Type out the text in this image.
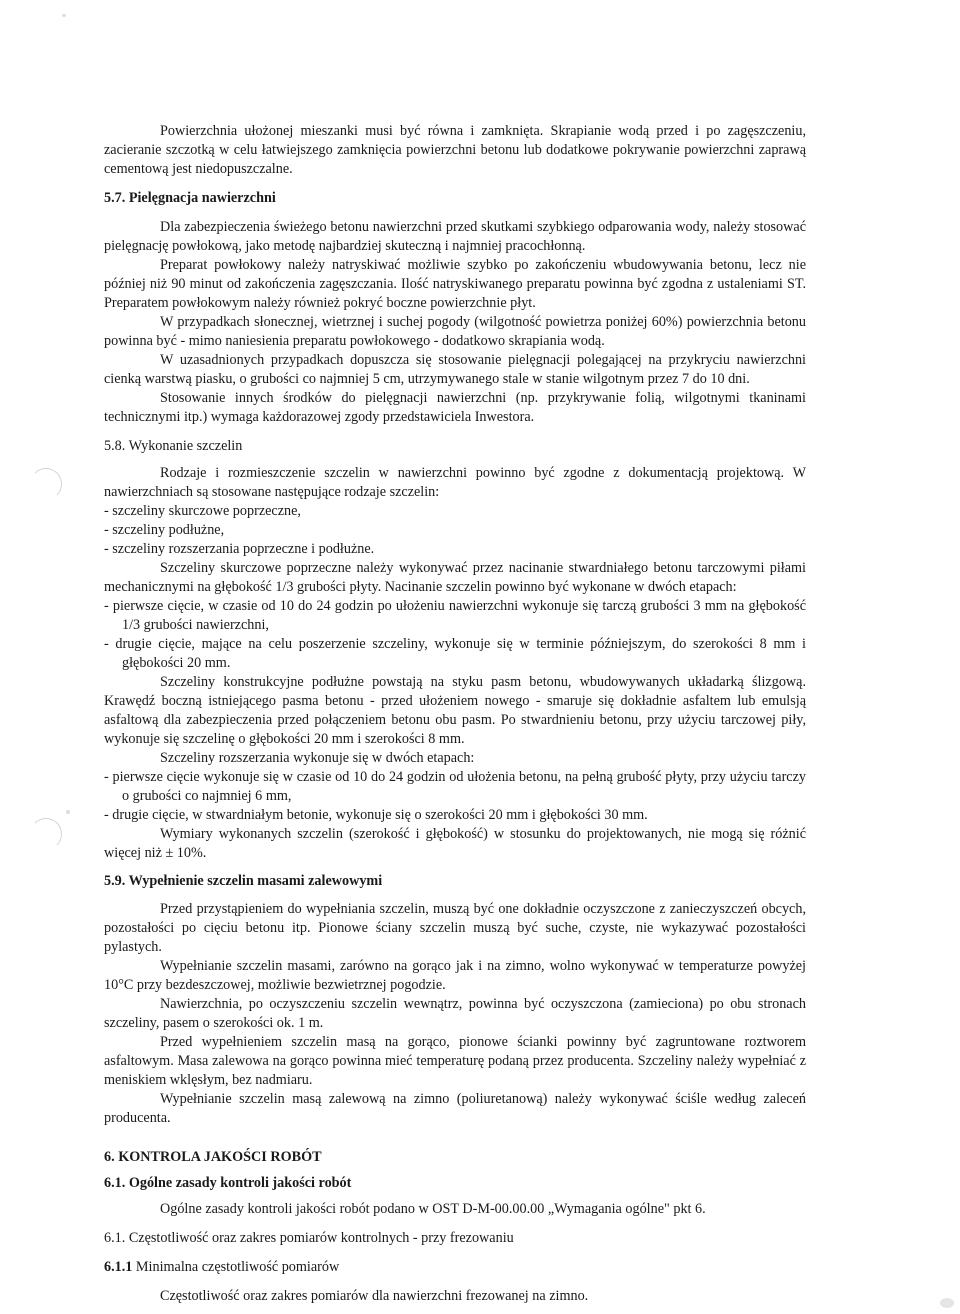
Powierzchnia ułożonej mieszanki musi być równa i zamknięta. Skrapianie wodą przed i po zagęszczeniu, zacieranie szczotką w celu łatwiejszego zamknięcia powierzchni betonu lub dodatkowe pokrywanie powierzchni zaprawą cementową jest niedopuszczalne.

5.7. Pielęgnacja nawierzchni

Dla zabezpieczenia świeżego betonu nawierzchni przed skutkami szybkiego odparowania wody, należy stosować pielęgnację powłokową, jako metodę najbardziej skuteczną i najmniej pracochłonną.

Preparat powłokowy należy natryskiwać możliwie szybko po zakończeniu wbudowywania betonu, lecz nie później niż 90 minut od zakończenia zagęszczania. Ilość natryskiwanego preparatu powinna być zgodna z ustaleniami ST. Preparatem powłokowym należy również pokryć boczne powierzchnie płyt.

W przypadkach słonecznej, wietrznej i suchej pogody (wilgotność powietrza poniżej 60%) powierzchnia betonu powinna być - mimo naniesienia preparatu powłokowego - dodatkowo skrapiania wodą.

W uzasadnionych przypadkach dopuszcza się stosowanie pielęgnacji polegającej na przykryciu nawierzchni cienką warstwą piasku, o grubości co najmniej 5 cm, utrzymywanego stale w stanie wilgotnym przez 7 do 10 dni.

Stosowanie innych środków do pielęgnacji nawierzchni (np. przykrywanie folią, wilgotnymi tkaninami technicznymi itp.) wymaga każdorazowej zgody przedstawiciela Inwestora.

5.8. Wykonanie szczelin

Rodzaje i rozmieszczenie szczelin w nawierzchni powinno być zgodne z dokumentacją projektową. W nawierzchniach są stosowane następujące rodzaje szczelin:

- szczeliny skurczowe poprzeczne,

- szczeliny podłużne,

- szczeliny rozszerzania poprzeczne i podłużne.

Szczeliny skurczowe poprzeczne należy wykonywać przez nacinanie stwardniałego betonu tarczowymi piłami mechanicznymi na głębokość 1/3 grubości płyty. Nacinanie szczelin powinno być wykonane w dwóch etapach:

- pierwsze cięcie, w czasie od 10 do 24 godzin po ułożeniu nawierzchni wykonuje się tarczą grubości 3 mm na głębokość 1/3 grubości nawierzchni,

- drugie cięcie, mające na celu poszerzenie szczeliny, wykonuje się w terminie późniejszym, do szerokości 8 mm i głębokości 20 mm.

Szczeliny konstrukcyjne podłużne powstają na styku pasm betonu, wbudowywanych układarką ślizgową. Krawędź boczną istniejącego pasma betonu - przed ułożeniem nowego - smaruje się dokładnie asfaltem lub emulsją asfaltową dla zabezpieczenia przed połączeniem betonu obu pasm. Po stwardnieniu betonu, przy użyciu tarczowej piły, wykonuje się szczelinę o głębokości 20 mm i szerokości 8 mm.

Szczeliny rozszerzania wykonuje się w dwóch etapach:

- pierwsze cięcie wykonuje się w czasie od 10 do 24 godzin od ułożenia betonu, na pełną grubość płyty, przy użyciu tarczy o grubości co najmniej 6 mm,

- drugie cięcie, w stwardniałym betonie, wykonuje się o szerokości 20 mm i głębokości 30 mm.

Wymiary wykonanych szczelin (szerokość i głębokość) w stosunku do projektowanych, nie mogą się różnić więcej niż ± 10%.

5.9. Wypełnienie szczelin masami zalewowymi

Przed przystąpieniem do wypełniania szczelin, muszą być one dokładnie oczyszczone z zanieczyszczeń obcych, pozostałości po cięciu betonu itp. Pionowe ściany szczelin muszą być suche, czyste, nie wykazywać pozostałości pylastych.

Wypełnianie szczelin masami, zarówno na gorąco jak i na zimno, wolno wykonywać w temperaturze powyżej 10°C przy bezdeszczowej, możliwie bezwietrznej pogodzie.

Nawierzchnia, po oczyszczeniu szczelin wewnątrz, powinna być oczyszczona (zamieciona) po obu stronach szczeliny, pasem o szerokości ok. 1 m.

Przed wypełnieniem szczelin masą na gorąco, pionowe ścianki powinny być zagruntowane roztworem asfaltowym. Masa zalewowa na gorąco powinna mieć temperaturę podaną przez producenta. Szczeliny należy wypełniać z meniskiem wklęsłym, bez nadmiaru.

Wypełnianie szczelin masą zalewową na zimno (poliuretanową) należy wykonywać ściśle według zaleceń producenta.

6. KONTROLA JAKOŚCI ROBÓT

6.1. Ogólne zasady kontroli jakości robót

Ogólne zasady kontroli jakości robót podano w OST D-M-00.00.00 „Wymagania ogólne" pkt 6.

6.1. Częstotliwość oraz zakres pomiarów kontrolnych - przy frezowaniu

6.1.1 Minimalna częstotliwość pomiarów

Częstotliwość oraz zakres pomiarów dla nawierzchni frezowanej na zimno.
